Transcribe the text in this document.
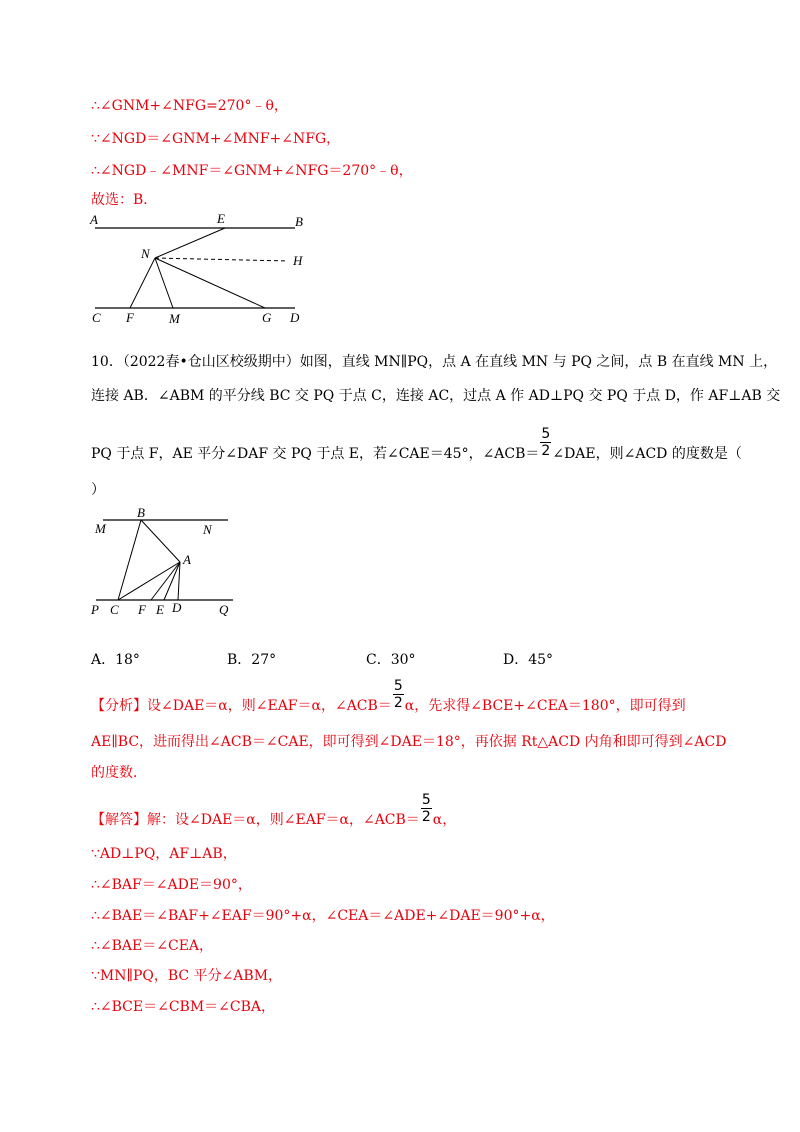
∴∠GNM+∠NFG=270°﹣θ，
∵∠NGD＝∠GNM+∠MNF+∠NFG，
∴∠NGD﹣∠MNF＝∠GNM+∠NFG＝270°﹣θ，
故选：B．
A	E	B
N	H
C F	M	G D
10．（2022春•仓山区校级期中）如图，直线 MN∥PQ，点 A 在直线 MN 与 PQ 之间，点 B 在直线 MN 上，
连接 AB．∠ABM 的平分线 BC 交 PQ 于点 C，连接 AC，过点 A 作 AD⊥PQ 交 PQ 于点 D，作 AF⊥AB 交
PQ 于点 F，AE 平分∠DAF 交 PQ 于点 E，若∠CAE＝45°，∠ACB＝ $\frac{5}{2}$ ∠DAE，则∠ACD 的度数是（
）
B
M	N
A
P C F E D	Q
A．18°	B．27°	C．30°	D．45°
【分析】设∠DAE＝α，则∠EAF＝α，∠ACB＝ $\frac{5}{2}$ α，先求得∠BCE+∠CEA＝180°，即可得到
AE∥BC，进而得出∠ACB＝∠CAE，即可得到∠DAE＝18°，再依据 Rt△ACD 内角和即可得到∠ACD
的度数．
【解答】解：设∠DAE＝α，则∠EAF＝α，∠ACB＝ $\frac{5}{2}$ α，
∵AD⊥PQ，AF⊥AB，
∴∠BAF＝∠ADE＝90°，
∴∠BAE＝∠BAF+∠EAF＝90°+α，∠CEA＝∠ADE+∠DAE＝90°+α，
∴∠BAE＝∠CEA，
∵MN∥PQ，BC 平分∠ABM，
∴∠BCE＝∠CBM＝∠CBA，
